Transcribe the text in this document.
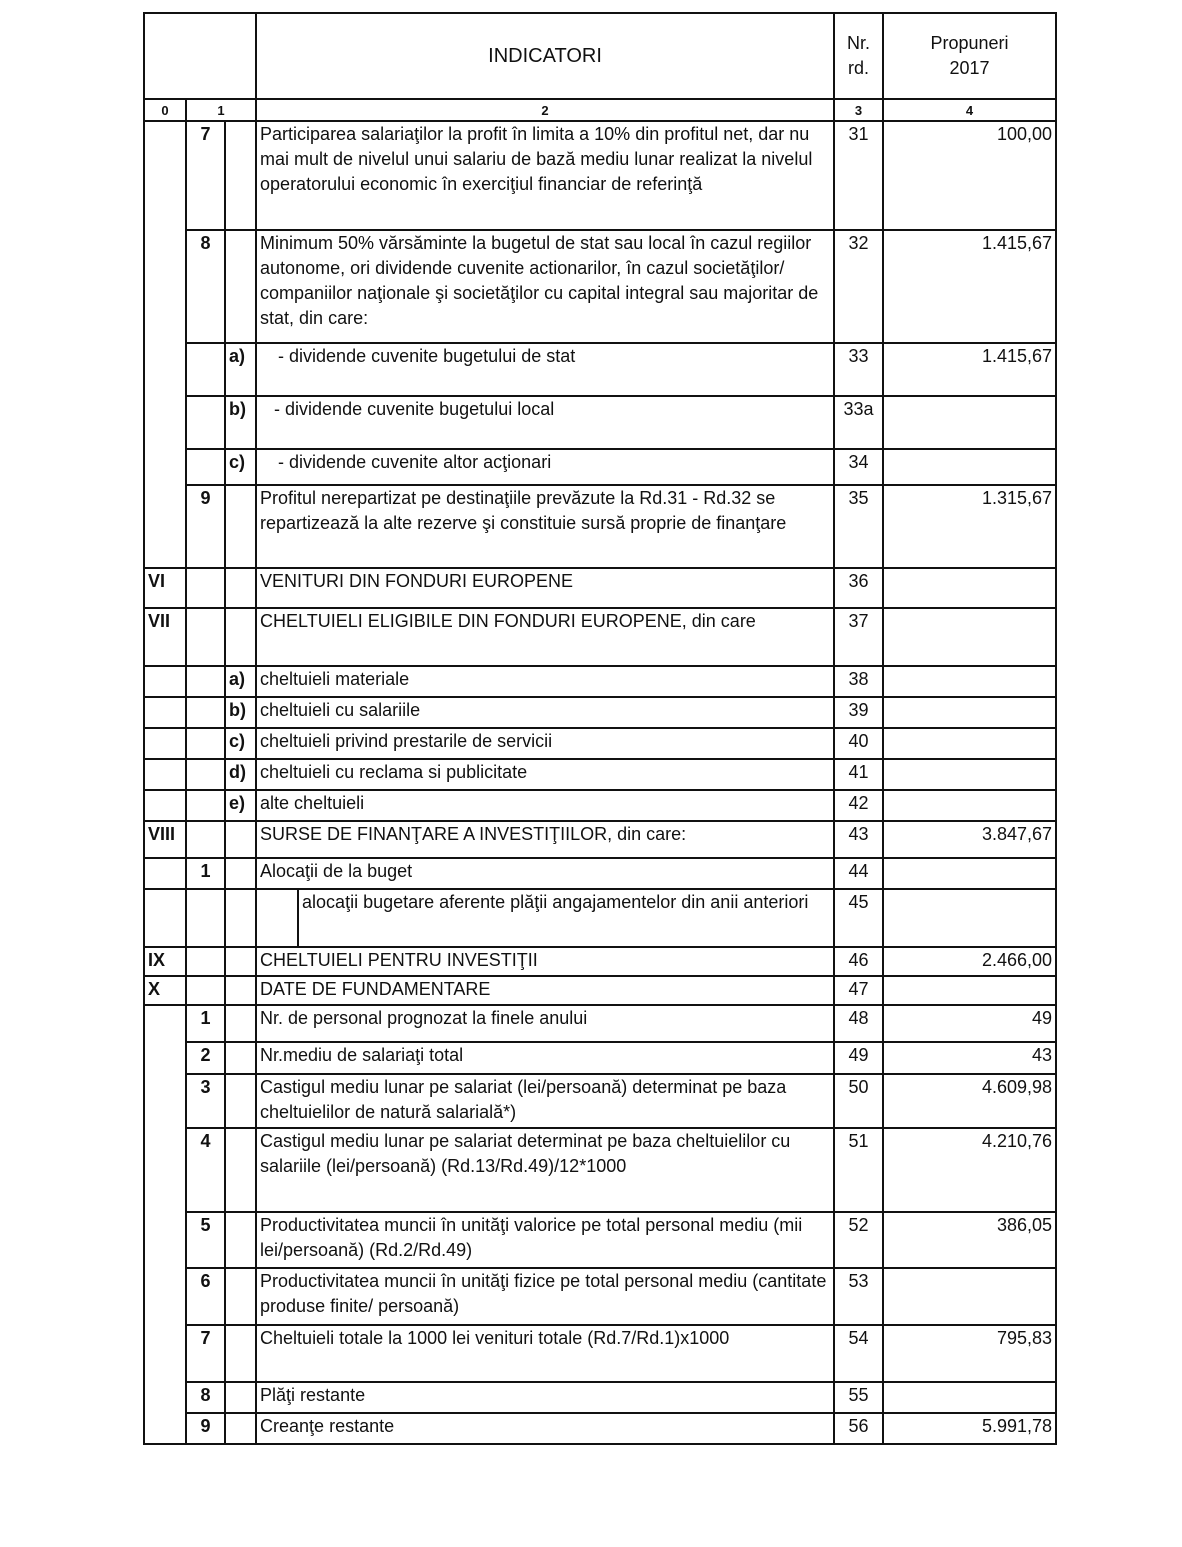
			INDICATORI	Nr.
rd.	Propuneri
2017
0	1		2	3	4
	7		Participarea salariaţilor la profit în limita a 10% din profitul net, dar nu mai mult de nivelul unui salariu de bază mediu lunar realizat la nivelul operatorului economic în exerciţiul financiar de referinţă	31	100,00
	8		Minimum 50% vărsăminte la bugetul de stat sau local în cazul regiilor autonome, ori dividende cuvenite actionarilor, în cazul societăţilor/ companiilor naţionale şi societăţilor cu capital integral sau majoritar de stat, din care:	32	1.415,67
		a)	- dividende cuvenite bugetului de stat	33	1.415,67
		b)	- dividende cuvenite bugetului local	33a	
		c)	- dividende cuvenite altor acţionari	34	
	9		Profitul nerepartizat pe destinaţiile prevăzute la Rd.31 - Rd.32 se repartizează la alte rezerve şi constituie sursă proprie de finanţare	35	1.315,67
VI			VENITURI DIN FONDURI EUROPENE	36	
VII			CHELTUIELI ELIGIBILE DIN FONDURI EUROPENE, din care	37	
		a)	cheltuieli materiale	38	
		b)	cheltuieli cu salariile	39	
		c)	cheltuieli privind prestarile de servicii	40	
		d)	cheltuieli cu reclama si publicitate	41	
		e)	alte cheltuieli	42	
VIII			SURSE DE FINANŢARE A INVESTIŢIILOR, din care:	43	3.847,67
	1		Alocaţii de la buget	44	

			alocaţii bugetare aferente plăţii angajamentelor din anii anteriori	45	
IX			CHELTUIELI PENTRU INVESTIŢII	46	2.466,00
X			DATE DE FUNDAMENTARE	47	
	1		Nr. de personal prognozat la finele anului	48	49
	2		Nr.mediu de salariaţi total	49	43
	3		Castigul mediu lunar pe salariat (lei/persoană) determinat pe baza cheltuielilor de natură salarială*)	50	4.609,98
	4		Castigul mediu lunar pe salariat determinat pe baza cheltuielilor cu salariile (lei/persoană) (Rd.13/Rd.49)/12*1000	51	4.210,76
	5		Productivitatea muncii în unităţi valorice pe total personal mediu (mii lei/persoană) (Rd.2/Rd.49)	52	386,05
	6		Productivitatea muncii în unităţi fizice pe total personal mediu (cantitate produse finite/ persoană)	53	
	7		Cheltuieli totale la 1000 lei venituri totale (Rd.7/Rd.1)x1000	54	795,83
	8		Plăţi restante	55	
	9		Creanţe restante	56	5.991,78
